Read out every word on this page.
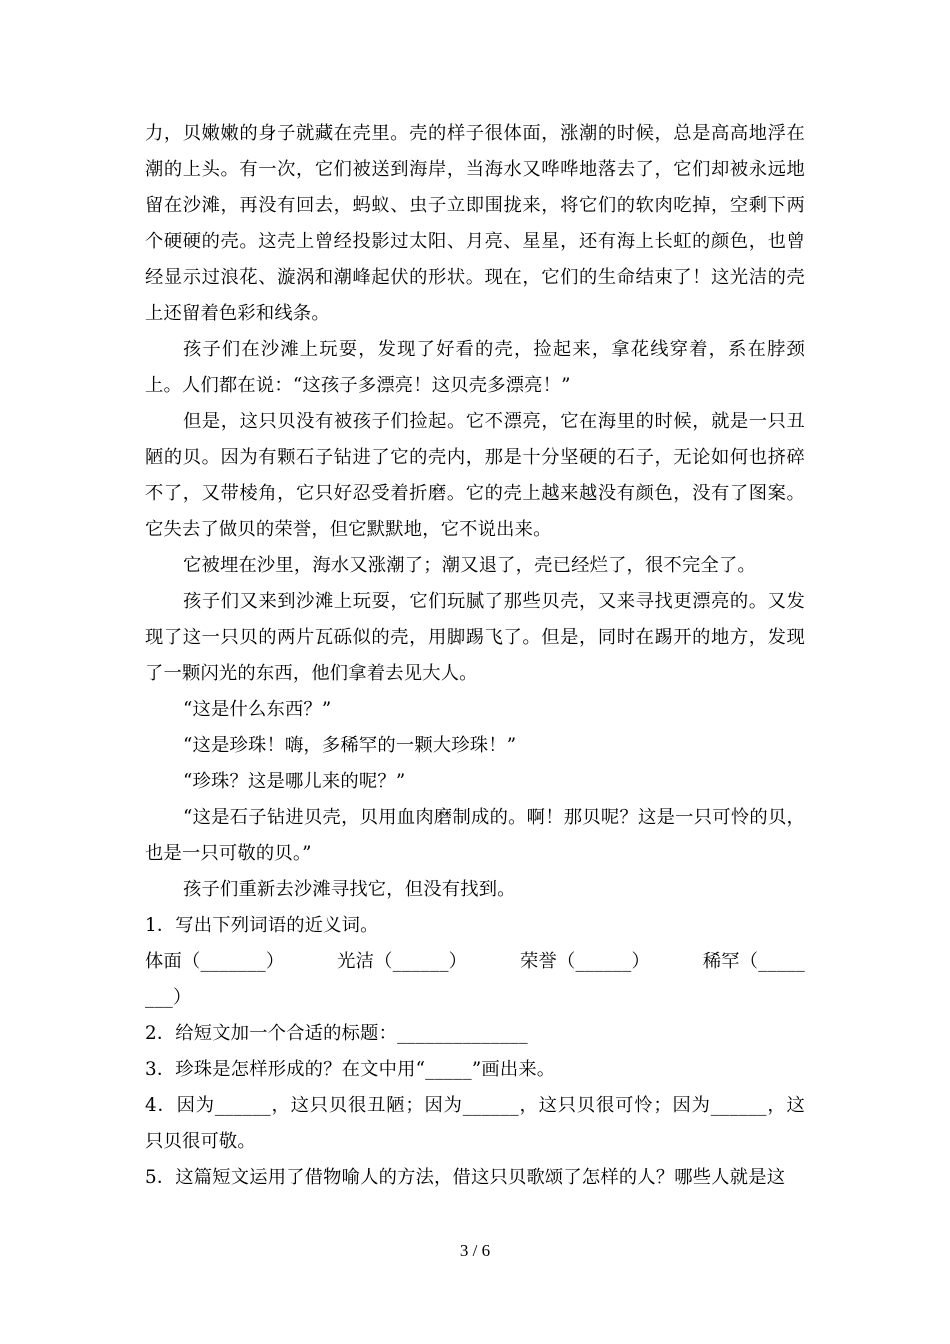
力，贝嫩嫩的身子就藏在壳里。壳的样子很体面，涨潮的时候，总是高高地浮在潮的上头。有一次，它们被送到海岸，当海水又哗哗地落去了，它们却被永远地留在沙滩，再没有回去，蚂蚁、虫子立即围拢来，将它们的软肉吃掉，空剩下两个硬硬的壳。这壳上曾经投影过太阳、月亮、星星，还有海上长虹的颜色，也曾经显示过浪花、漩涡和潮峰起伏的形状。现在，它们的生命结束了！这光洁的壳上还留着色彩和线条。

孩子们在沙滩上玩耍，发现了好看的壳，捡起来，拿花线穿着，系在脖颈上。人们都在说：“这孩子多漂亮！这贝壳多漂亮！”

但是，这只贝没有被孩子们捡起。它不漂亮，它在海里的时候，就是一只丑陋的贝。因为有颗石子钻进了它的壳内，那是十分坚硬的石子，无论如何也挤碎不了，又带棱角，它只好忍受着折磨。它的壳上越来越没有颜色，没有了图案。它失去了做贝的荣誉，但它默默地，它不说出来。

它被埋在沙里，海水又涨潮了；潮又退了，壳已经烂了，很不完全了。

孩子们又来到沙滩上玩耍，它们玩腻了那些贝壳，又来寻找更漂亮的。又发现了这一只贝的两片瓦砾似的壳，用脚踢飞了。但是，同时在踢开的地方，发现了一颗闪光的东西，他们拿着去见大人。

“这是什么东西？”

“这是珍珠！嗨，多稀罕的一颗大珍珠！”

“珍珠？这是哪儿来的呢？”

“这是石子钻进贝壳，贝用血肉磨制成的。啊！那贝呢？这是一只可怜的贝，也是一只可敬的贝。”

孩子们重新去沙滩寻找它，但没有找到。

1．写出下列词语的近义词。

体面（_______）	光洁（______）	荣誉（______）	稀罕（_____

___）

2．给短文加一个合适的标题：______________

3．珍珠是怎样形成的？在文中用“_____”画出来。

4．因为______，这只贝很丑陋；因为______，这只贝很可怜；因为______，这只贝很可敬。

5．这篇短文运用了借物喻人的方法，借这只贝歌颂了怎样的人？哪些人就是这

3 / 6
